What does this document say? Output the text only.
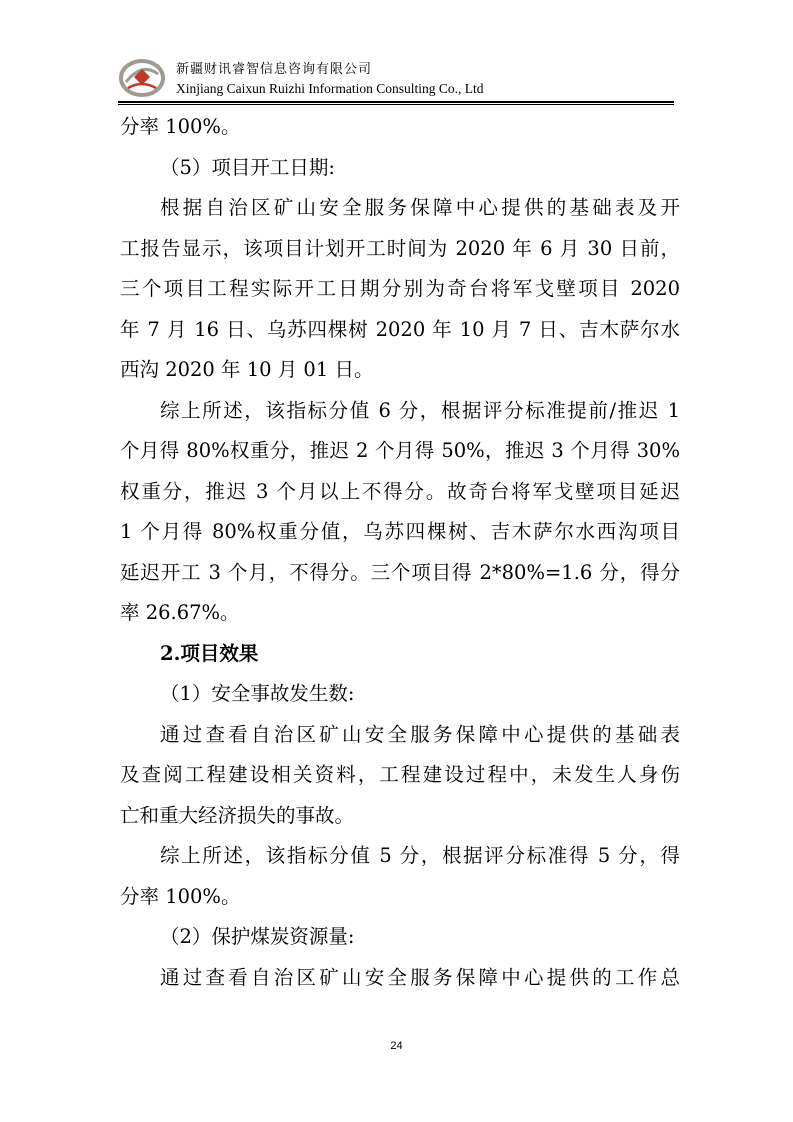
新疆财讯睿智信息咨询有限公司
Xinjiang Caixun Ruizhi Information Consulting Co., Ltd
分率 100%。
（5）项目开工日期:
根据自治区矿山安全服务保障中心提供的基础表及开
工报告显示，该项目计划开工时间为 2020 年 6 月 30 日前，
三个项目工程实际开工日期分别为奇台将军戈壁项目 2020
年 7 月 16 日、乌苏四棵树 2020 年 10 月 7 日、吉木萨尔水
西沟 2020 年 10 月 01 日。
综上所述，该指标分值 6 分，根据评分标准提前/推迟 1
个月得 80%权重分，推迟 2 个月得 50%，推迟 3 个月得 30%
权重分，推迟 3 个月以上不得分。故奇台将军戈壁项目延迟
1 个月得 80%权重分值，乌苏四棵树、吉木萨尔水西沟项目
延迟开工 3 个月，不得分。三个项目得 2*80%=1.6 分，得分
率 26.67%。
2.项目效果
（1）安全事故发生数:
通过查看自治区矿山安全服务保障中心提供的基础表
及查阅工程建设相关资料，工程建设过程中，未发生人身伤
亡和重大经济损失的事故。
综上所述，该指标分值 5 分，根据评分标准得 5 分，得
分率 100%。
（2）保护煤炭资源量:
通过查看自治区矿山安全服务保障中心提供的工作总
24
